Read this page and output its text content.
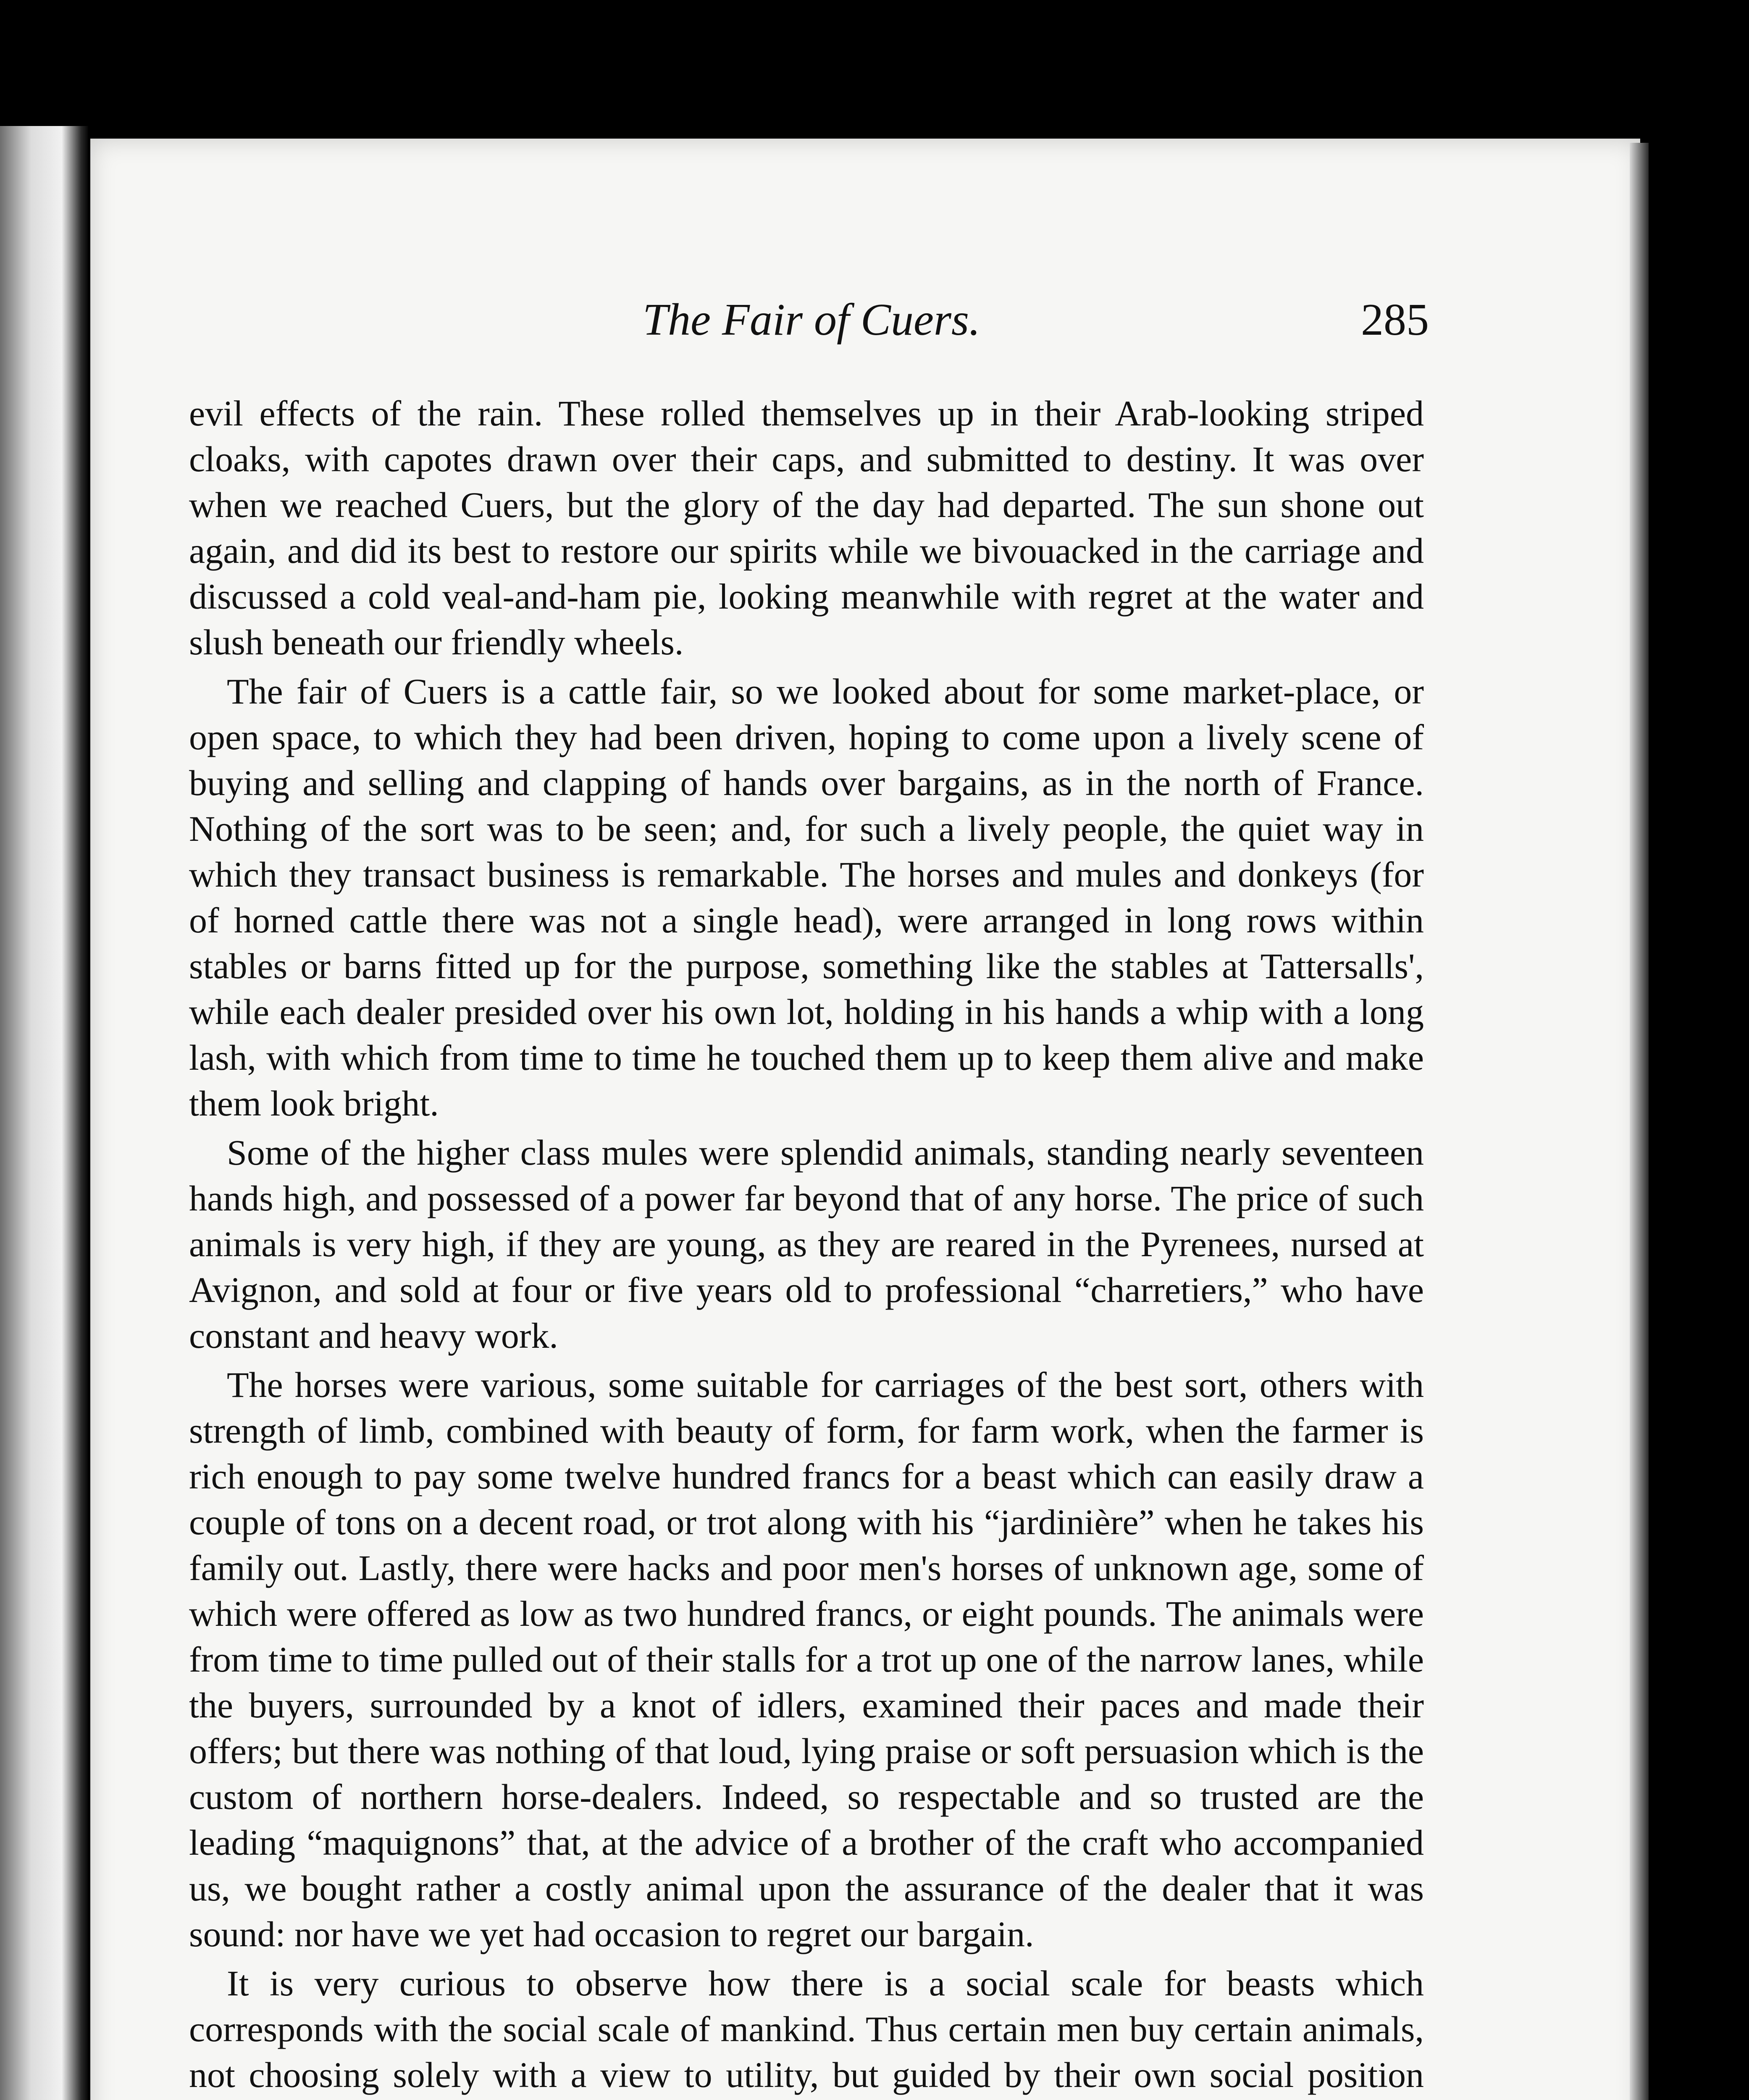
The Fair of Cuers.	285

evil effects of the rain. These rolled themselves up in their Arab-looking striped cloaks, with capotes drawn over their caps, and submitted to destiny. It was over when we reached Cuers, but the glory of the day had departed. The sun shone out again, and did its best to restore our spirits while we bivouacked in the carriage and discussed a cold veal-and-ham pie, looking meanwhile with regret at the water and slush beneath our friendly wheels.

The fair of Cuers is a cattle fair, so we looked about for some market-place, or open space, to which they had been driven, hoping to come upon a lively scene of buying and selling and clapping of hands over bargains, as in the north of France. Nothing of the sort was to be seen; and, for such a lively people, the quiet way in which they transact business is remarkable. The horses and mules and donkeys (for of horned cattle there was not a single head), were arranged in long rows within stables or barns fitted up for the purpose, something like the stables at Tattersalls', while each dealer presided over his own lot, holding in his hands a whip with a long lash, with which from time to time he touched them up to keep them alive and make them look bright.

Some of the higher class mules were splendid animals, standing nearly seventeen hands high, and possessed of a power far beyond that of any horse. The price of such animals is very high, if they are young, as they are reared in the Pyrenees, nursed at Avignon, and sold at four or five years old to professional “charretiers,” who have constant and heavy work.

The horses were various, some suitable for carriages of the best sort, others with strength of limb, combined with beauty of form, for farm work, when the farmer is rich enough to pay some twelve hundred francs for a beast which can easily draw a couple of tons on a decent road, or trot along with his “jardinière” when he takes his family out. Lastly, there were hacks and poor men's horses of unknown age, some of which were offered as low as two hundred francs, or eight pounds. The animals were from time to time pulled out of their stalls for a trot up one of the narrow lanes, while the buyers, surrounded by a knot of idlers, examined their paces and made their offers; but there was nothing of that loud, lying praise or soft persuasion which is the custom of northern horse-dealers. Indeed, so respectable and so trusted are the leading “maquignons” that, at the advice of a brother of the craft who accompanied us, we bought rather a costly animal upon the assurance of the dealer that it was sound: nor have we yet had occasion to regret our bargain.

It is very curious to observe how there is a social scale for beasts which corresponds with the social scale of mankind. Thus certain men buy certain animals, not choosing solely with a view to utility, but guided by their own social position
